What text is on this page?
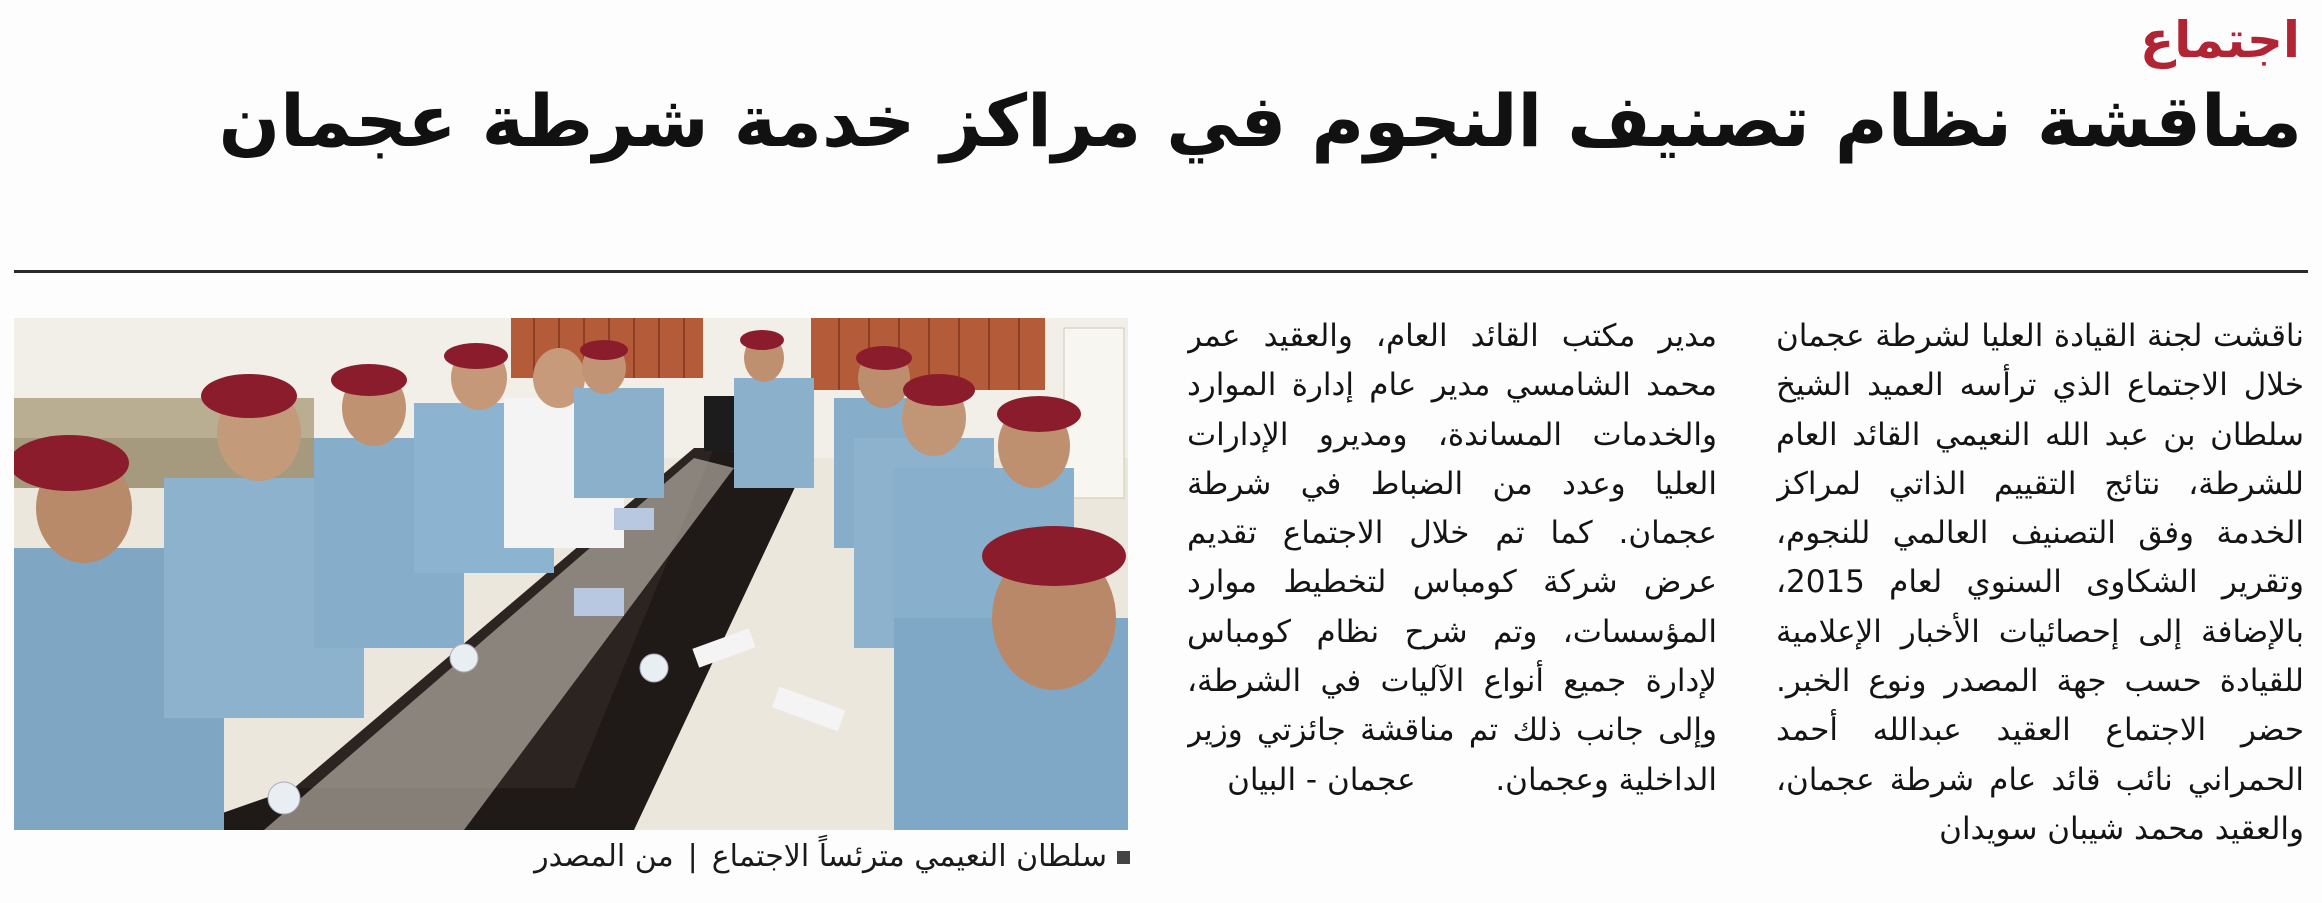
اجتماع
مناقشة نظام تصنيف النجوم في مراكز خدمة شرطة عجمان
ناقشت لجنة القيادة العليا لشرطة عجمان خلال الاجتماع الذي ترأسه العميد الشيخ سلطان بن عبد الله النعيمي القائد العام للشرطة، نتائج التقييم الذاتي لمراكز الخدمة وفق التصنيف العالمي للنجوم، وتقرير الشكاوى السنوي لعام 2015، بالإضافة إلى إحصائيات الأخبار الإعلامية للقيادة حسب جهة المصدر ونوع الخبر. حضر الاجتماع العقيد عبدالله أحمد الحمراني نائب قائد عام شرطة عجمان، والعقيد محمد شيبان سويدان
مدير مكتب القائد العام، والعقيد عمر محمد الشامسي مدير عام إدارة الموارد والخدمات المساندة، ومديرو الإدارات العليا وعدد من الضباط في شرطة عجمان. كما تم خلال الاجتماع تقديم عرض شركة كومباس لتخطيط موارد المؤسسات، وتم شرح نظام كومباس لإدارة جميع أنواع الآليات في الشرطة، وإلى جانب ذلك تم مناقشة جائزتي وزير الداخلية وعجمان.  عجمان - البيان
سلطان النعيمي مترئساً الاجتماع|من المصدر
